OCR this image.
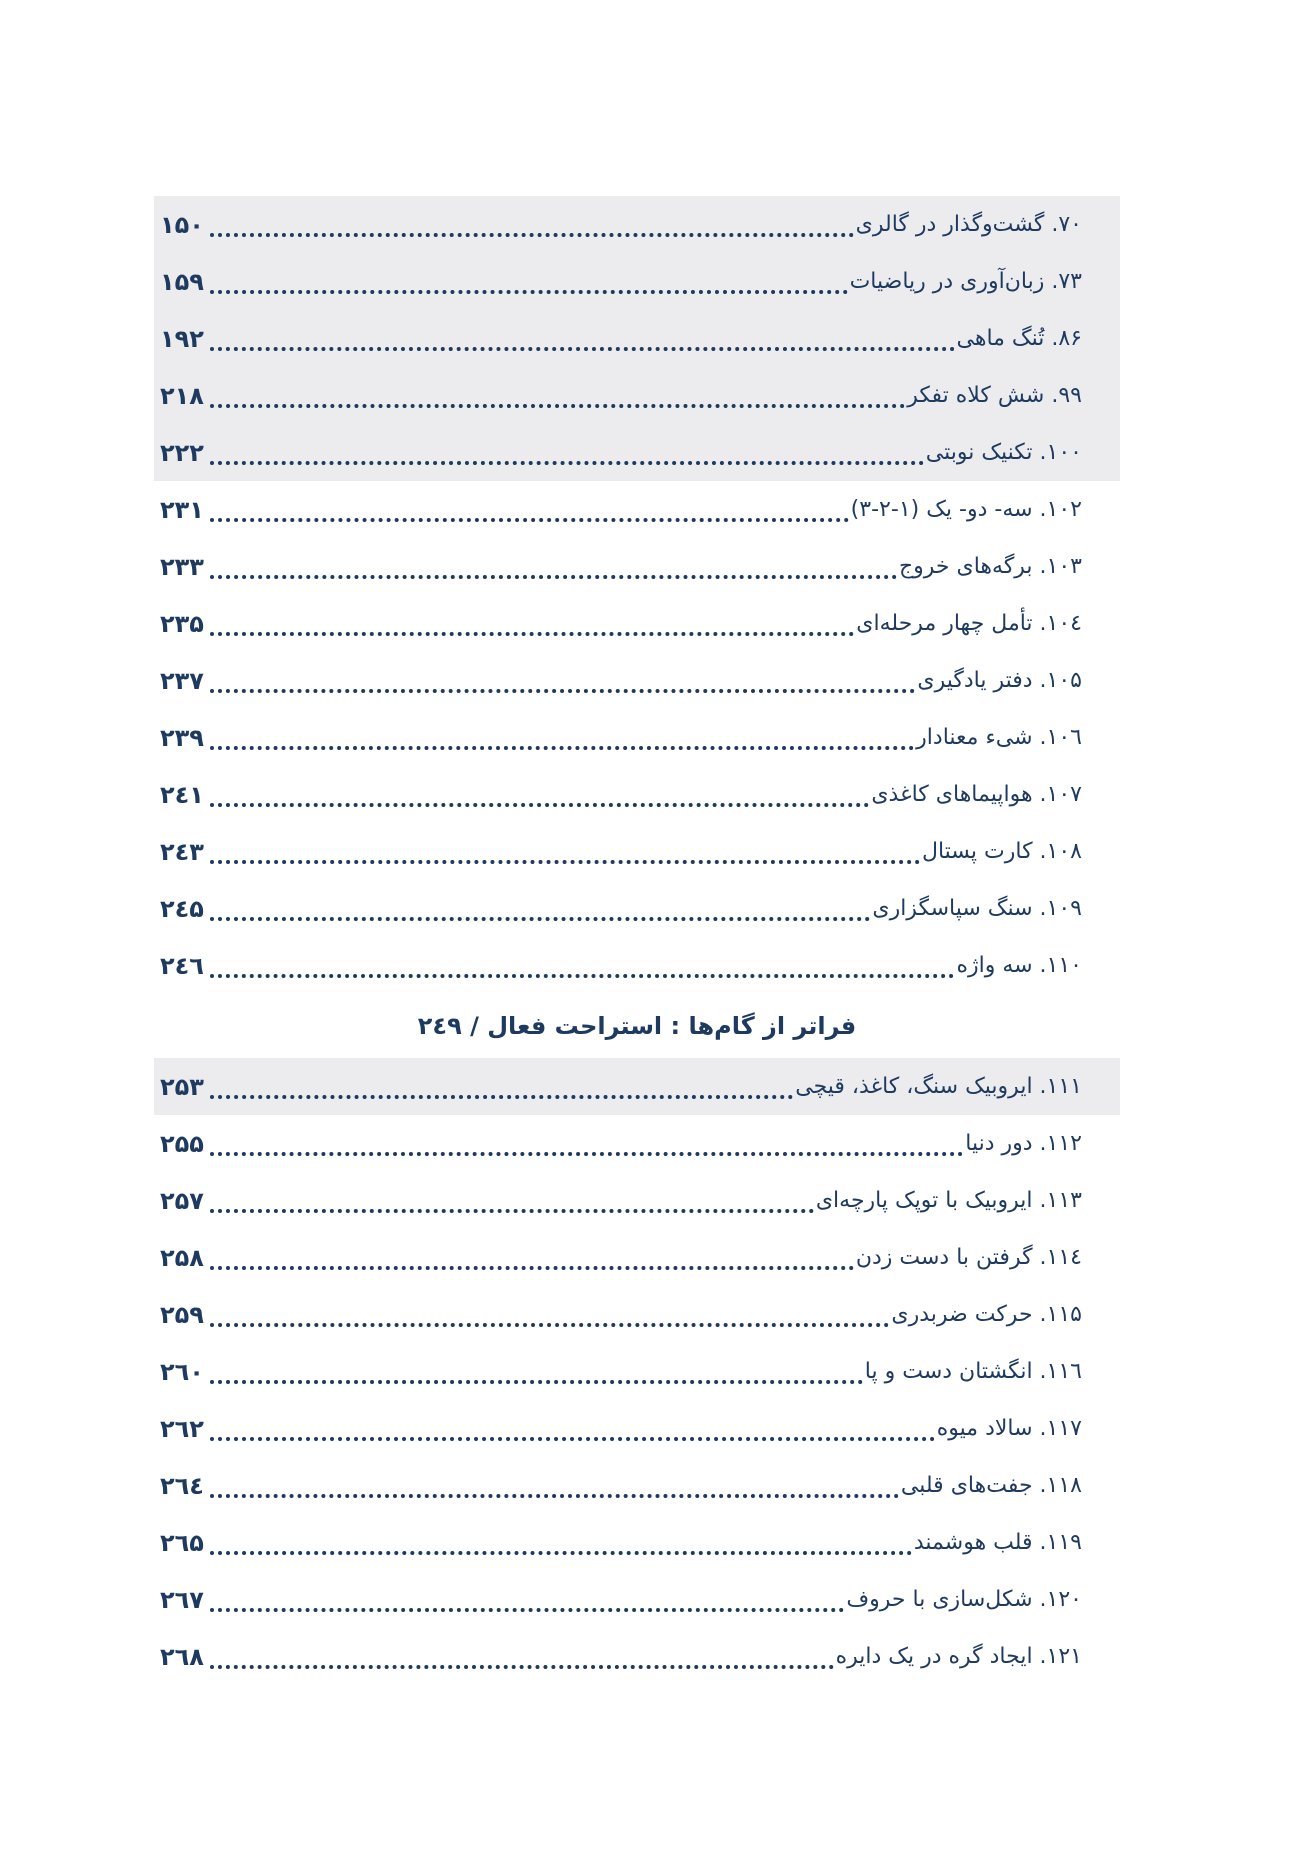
۷۰. گشت‌وگذار در گالری
۱۵۰
۷۳. زبان‌آوری در ریاضیات
۱۵۹
۸۶. تُنگ ماهی
۱۹۲
۹۹. شش کلاه تفکر
۲۱۸
۱۰۰. تکنیک نوبتی
۲۲۲
۱۰۲. سه- دو- یک (۱-۲-۳)
۲۳۱
۱۰۳. برگه‌های خروج
۲۳۳
۱۰٤. تأمل چهار مرحله‌ای
۲۳۵
۱۰۵. دفتر یادگیری
۲۳۷
۱۰٦. شیء معنادار
۲۳۹
۱۰۷. هواپیماهای کاغذی
۲٤۱
۱۰۸. کارت پستال
۲٤۳
۱۰۹. سنگ سپاسگزاری
۲٤۵
۱۱۰. سه واژه
۲٤٦
فراتر از گام‌ها : استراحت فعال / ۲٤۹
۱۱۱. ایروبیک سنگ، کاغذ، قیچی
۲۵۳
۱۱۲. دور دنیا
۲۵۵
۱۱۳. ایروبیک با توپک پارچه‌ای
۲۵۷
۱۱٤. گرفتن با دست زدن
۲۵۸
۱۱۵. حرکت ضربدری
۲۵۹
۱۱٦. انگشتان دست و پا
۲٦۰
۱۱۷. سالاد میوه
۲٦۲
۱۱۸. جفت‌های قلبی
۲٦٤
۱۱۹. قلب هوشمند
۲٦۵
۱۲۰. شکل‌سازی با حروف
۲٦۷
۱۲۱. ایجاد گره در یک دایره
۲٦۸
